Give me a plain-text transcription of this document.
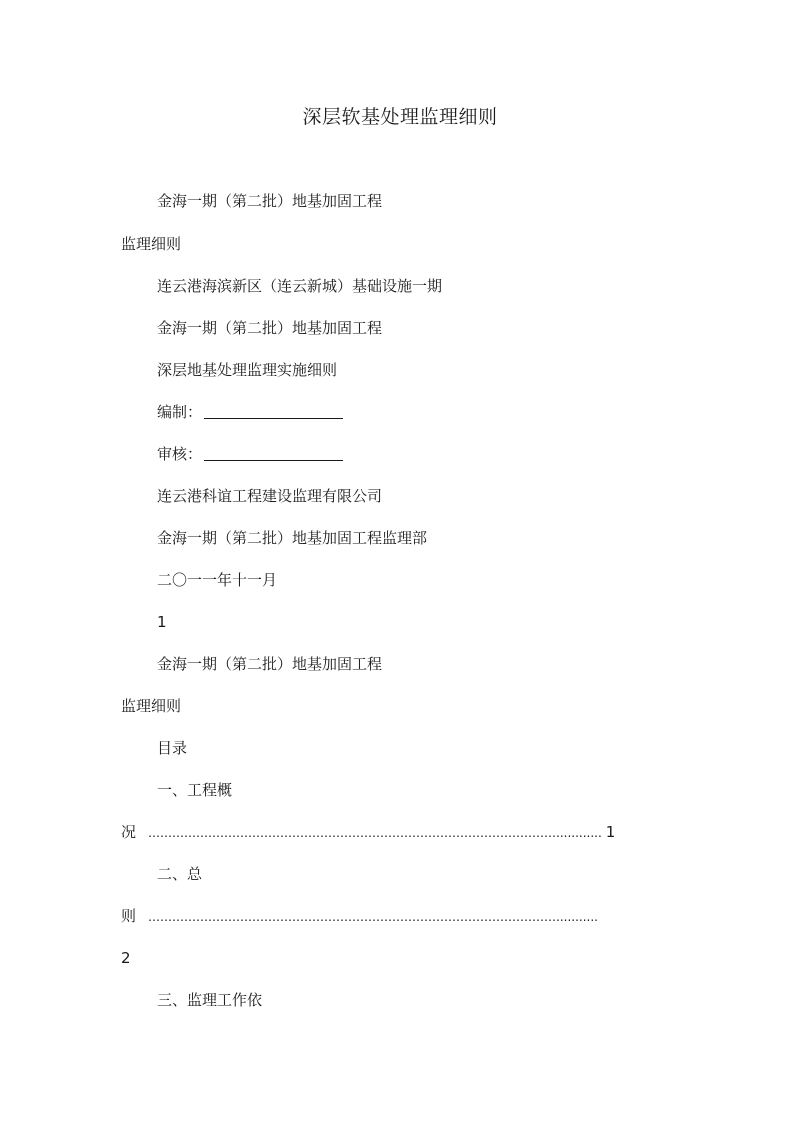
深层软基处理监理细则
金海一期（第二批）地基加固工程
监理细则
连云港海滨新区（连云新城）基础设施一期
金海一期（第二批）地基加固工程
深层地基处理监理实施细则
编制：
审核：
连云港科谊工程建设监理有限公司
金海一期（第二批）地基加固工程监理部
二〇一一年十一月
1
金海一期（第二批）地基加固工程
监理细则
目录
一、工程概
况 …………………………………………………………………………………………............ 1
二、总
则 …………………………………………………………………………………………...........
2
三、监理工作依
